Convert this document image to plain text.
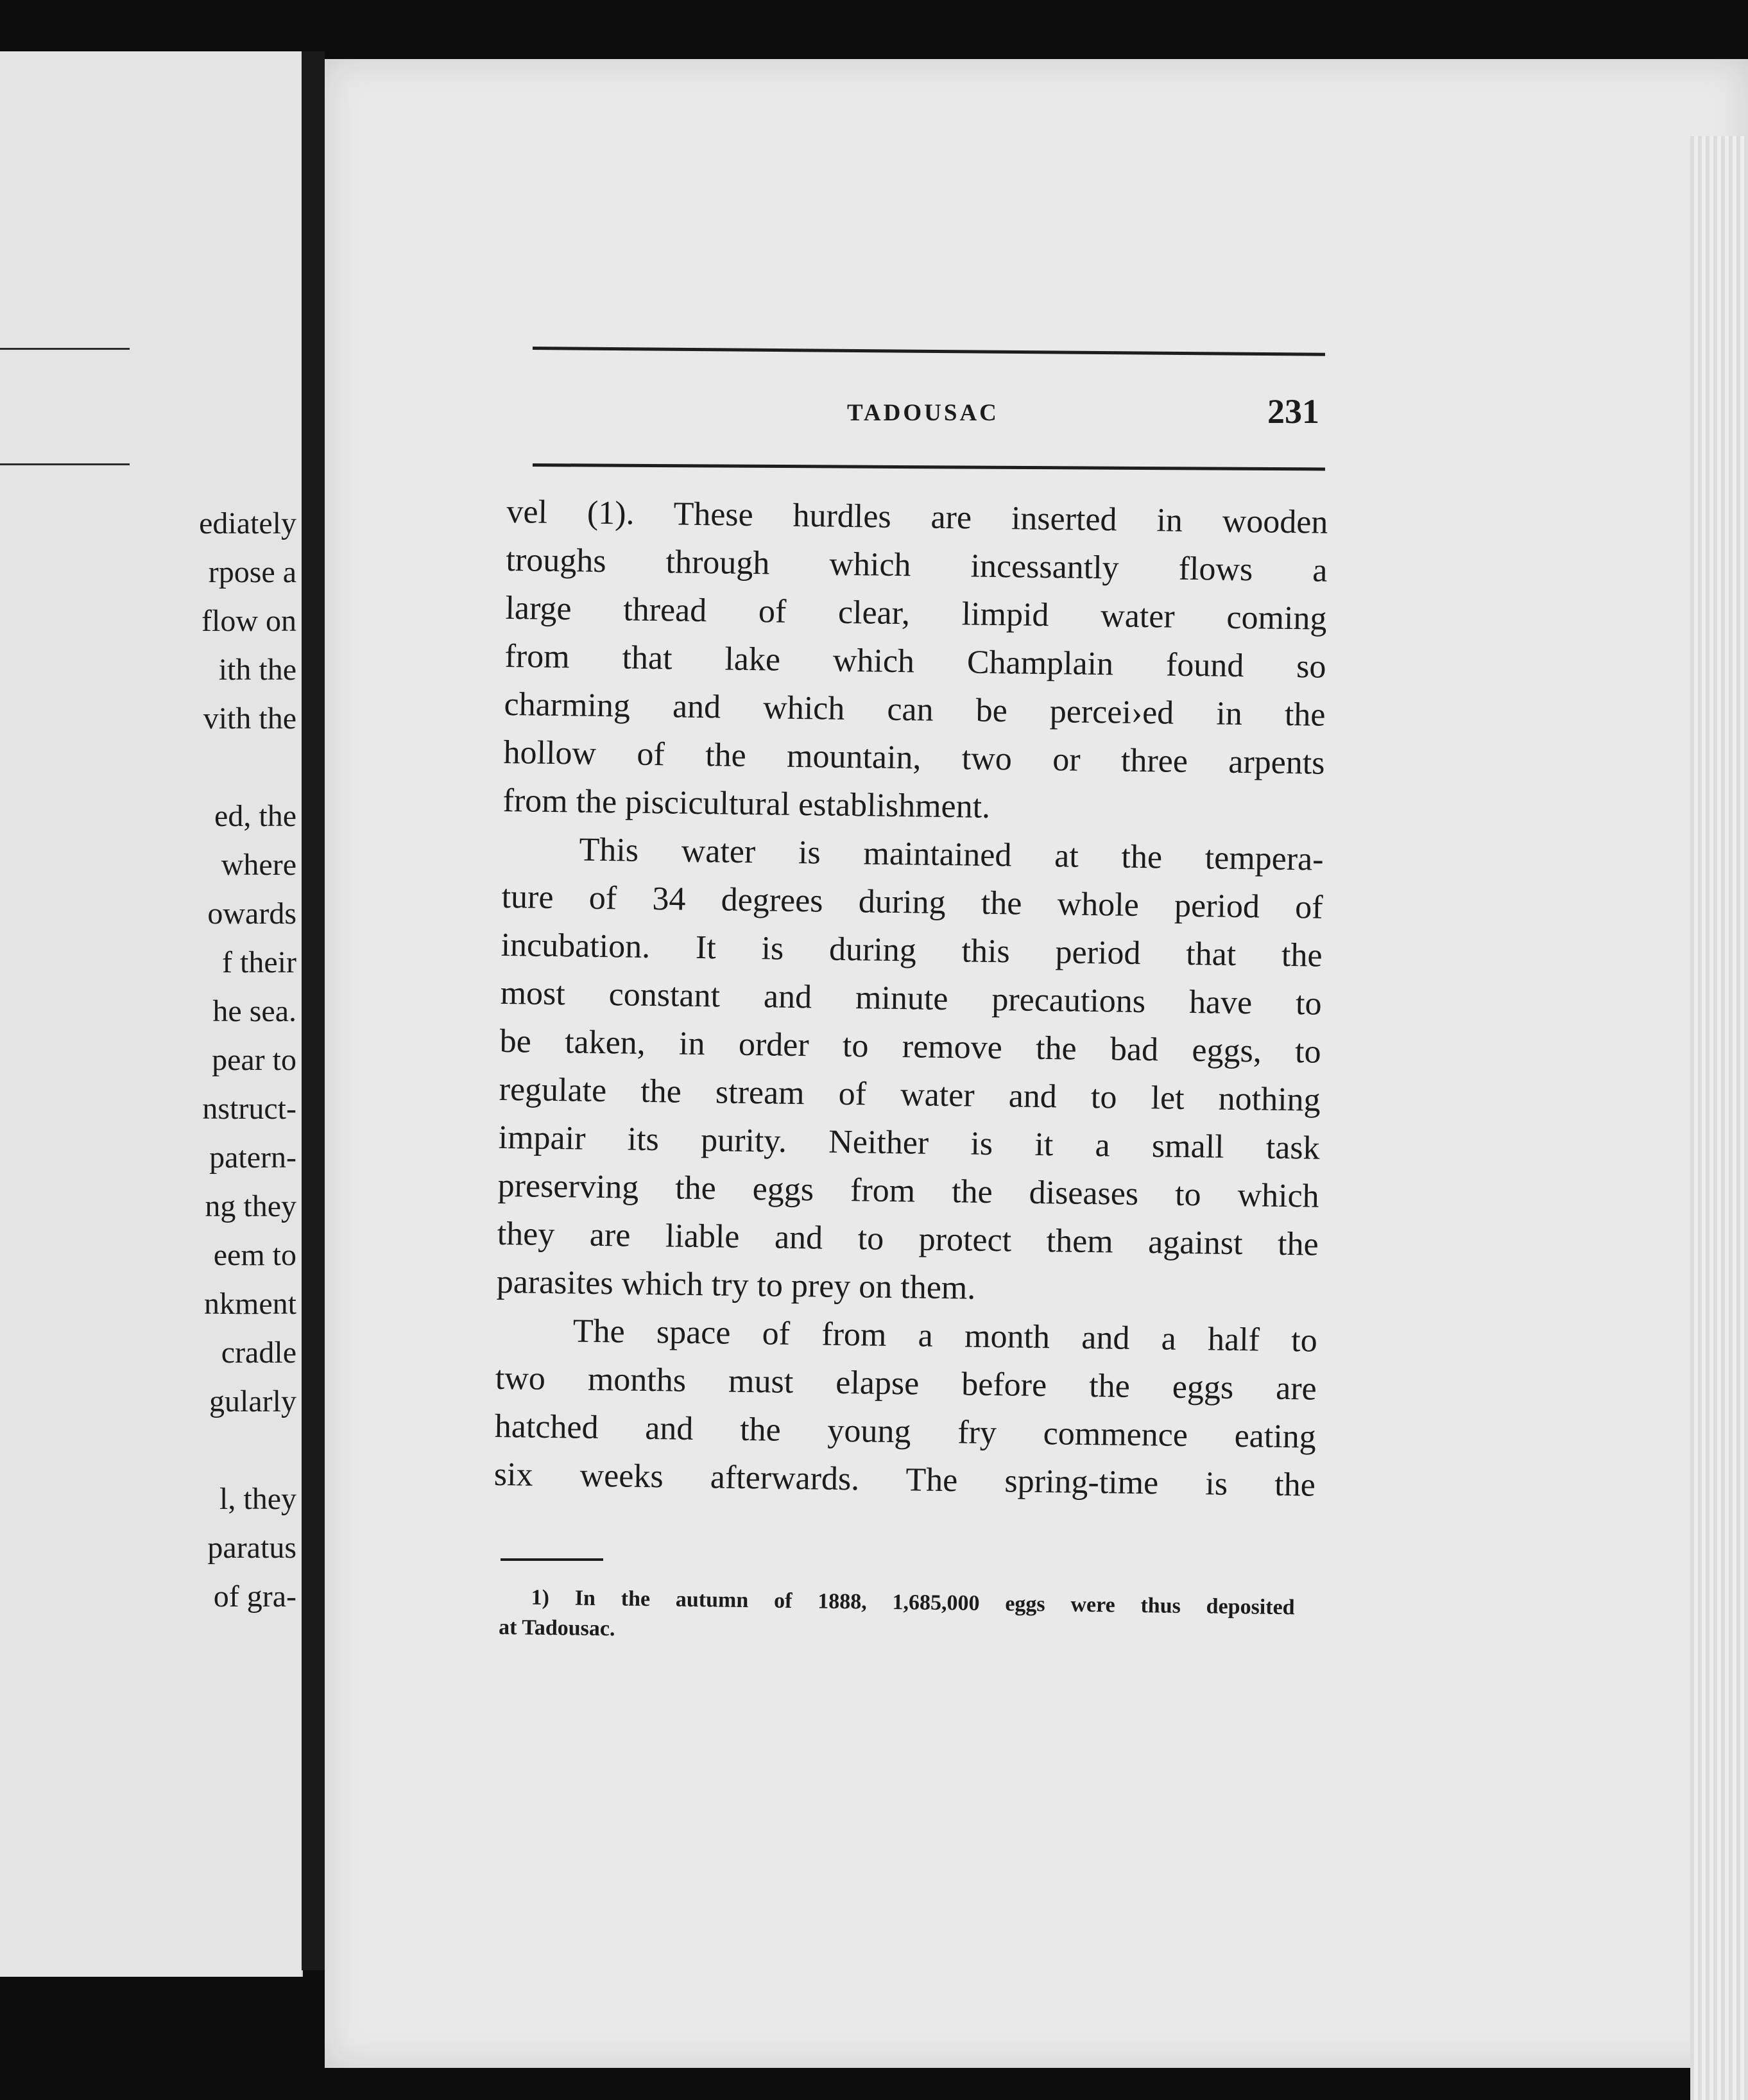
ediately
rpose a
flow on
ith the
vith the
ed, the
where
owards
f their
he sea.
pear to
nstruct-
patern-
ng they
eem to
nkment
cradle
gularly
l, they
paratus
of gra-
TADOUSAC	231
vel (1). These hurdles are inserted in wooden
troughs through which incessantly flows a
large thread of clear, limpid water coming
from that lake which Champlain found so
charming and which can be percei›ed in the
hollow of the mountain, two or three arpents
from the piscicultural establishment.
This water is maintained at the tempera-
ture of 34 degrees during the whole period of
incubation. It is during this period that the
most constant and minute precautions have to
be taken, in order to remove the bad eggs, to
regulate the stream of water and to let nothing
impair its purity. Neither is it a small task
preserving the eggs from the diseases to which
they are liable and to protect them against the
parasites which try to prey on them.
The space of from a month and a half to
two months must elapse before the eggs are
hatched and the young fry commence eating
six weeks afterwards. The spring-time is the
1) In the autumn of 1888, 1,685,000 eggs were thus deposited
at Tadousac.
